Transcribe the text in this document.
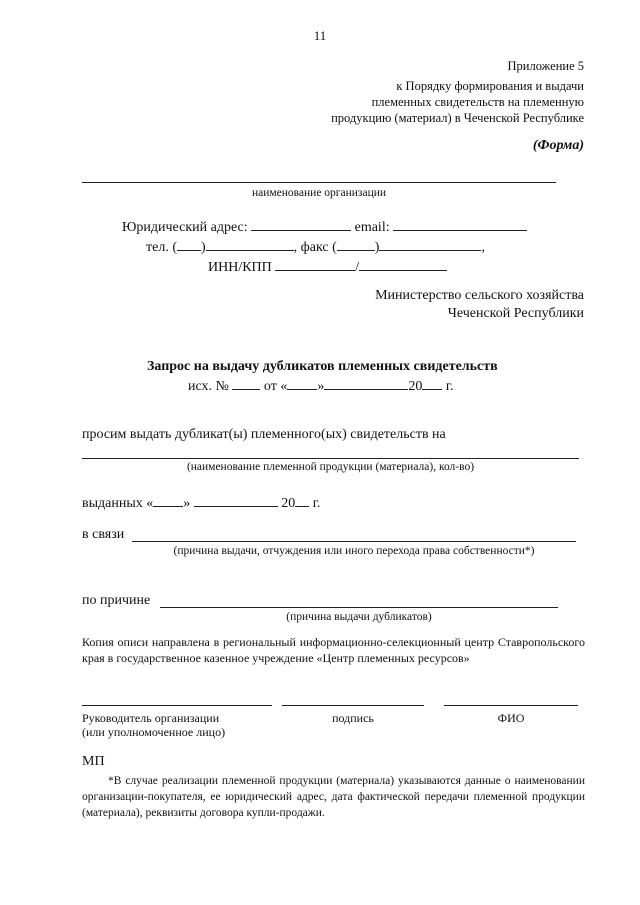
11
Приложение 5
к Порядку формирования и выдачи
племенных свидетельств на племенную
продукцию (материал) в Чеченской Республике
(Форма)
наименование организации
Юридический адрес:	email:
тел. ( )	, факс (	)	,
ИНН/КПП	/
Министерство сельского хозяйства
Чеченской Республики
Запрос на выдачу дубликатов племенных свидетельств
исх. №	от « »	20 г.
просим выдать дубликат(ы) племенного(ых) свидетельств на
(наименование племенной продукции (материала), кол-во)
выданных « »	20 г.
в связи
(причина выдачи, отчуждения или иного перехода права собственности*)
по причине
(причина выдачи дубликатов)
Копия описи направлена в региональный информационно-селекционный центр Ставропольского края в государственное казенное учреждение «Центр племенных ресурсов»
Руководитель организации
(или уполномоченное лицо)
подпись	ФИО
МП
*В случае реализации племенной продукции (материала) указываются данные о наименовании организации-покупателя, ее юридический адрес, дата фактической передачи племенной продукции (материала), реквизиты договора купли-продажи.
